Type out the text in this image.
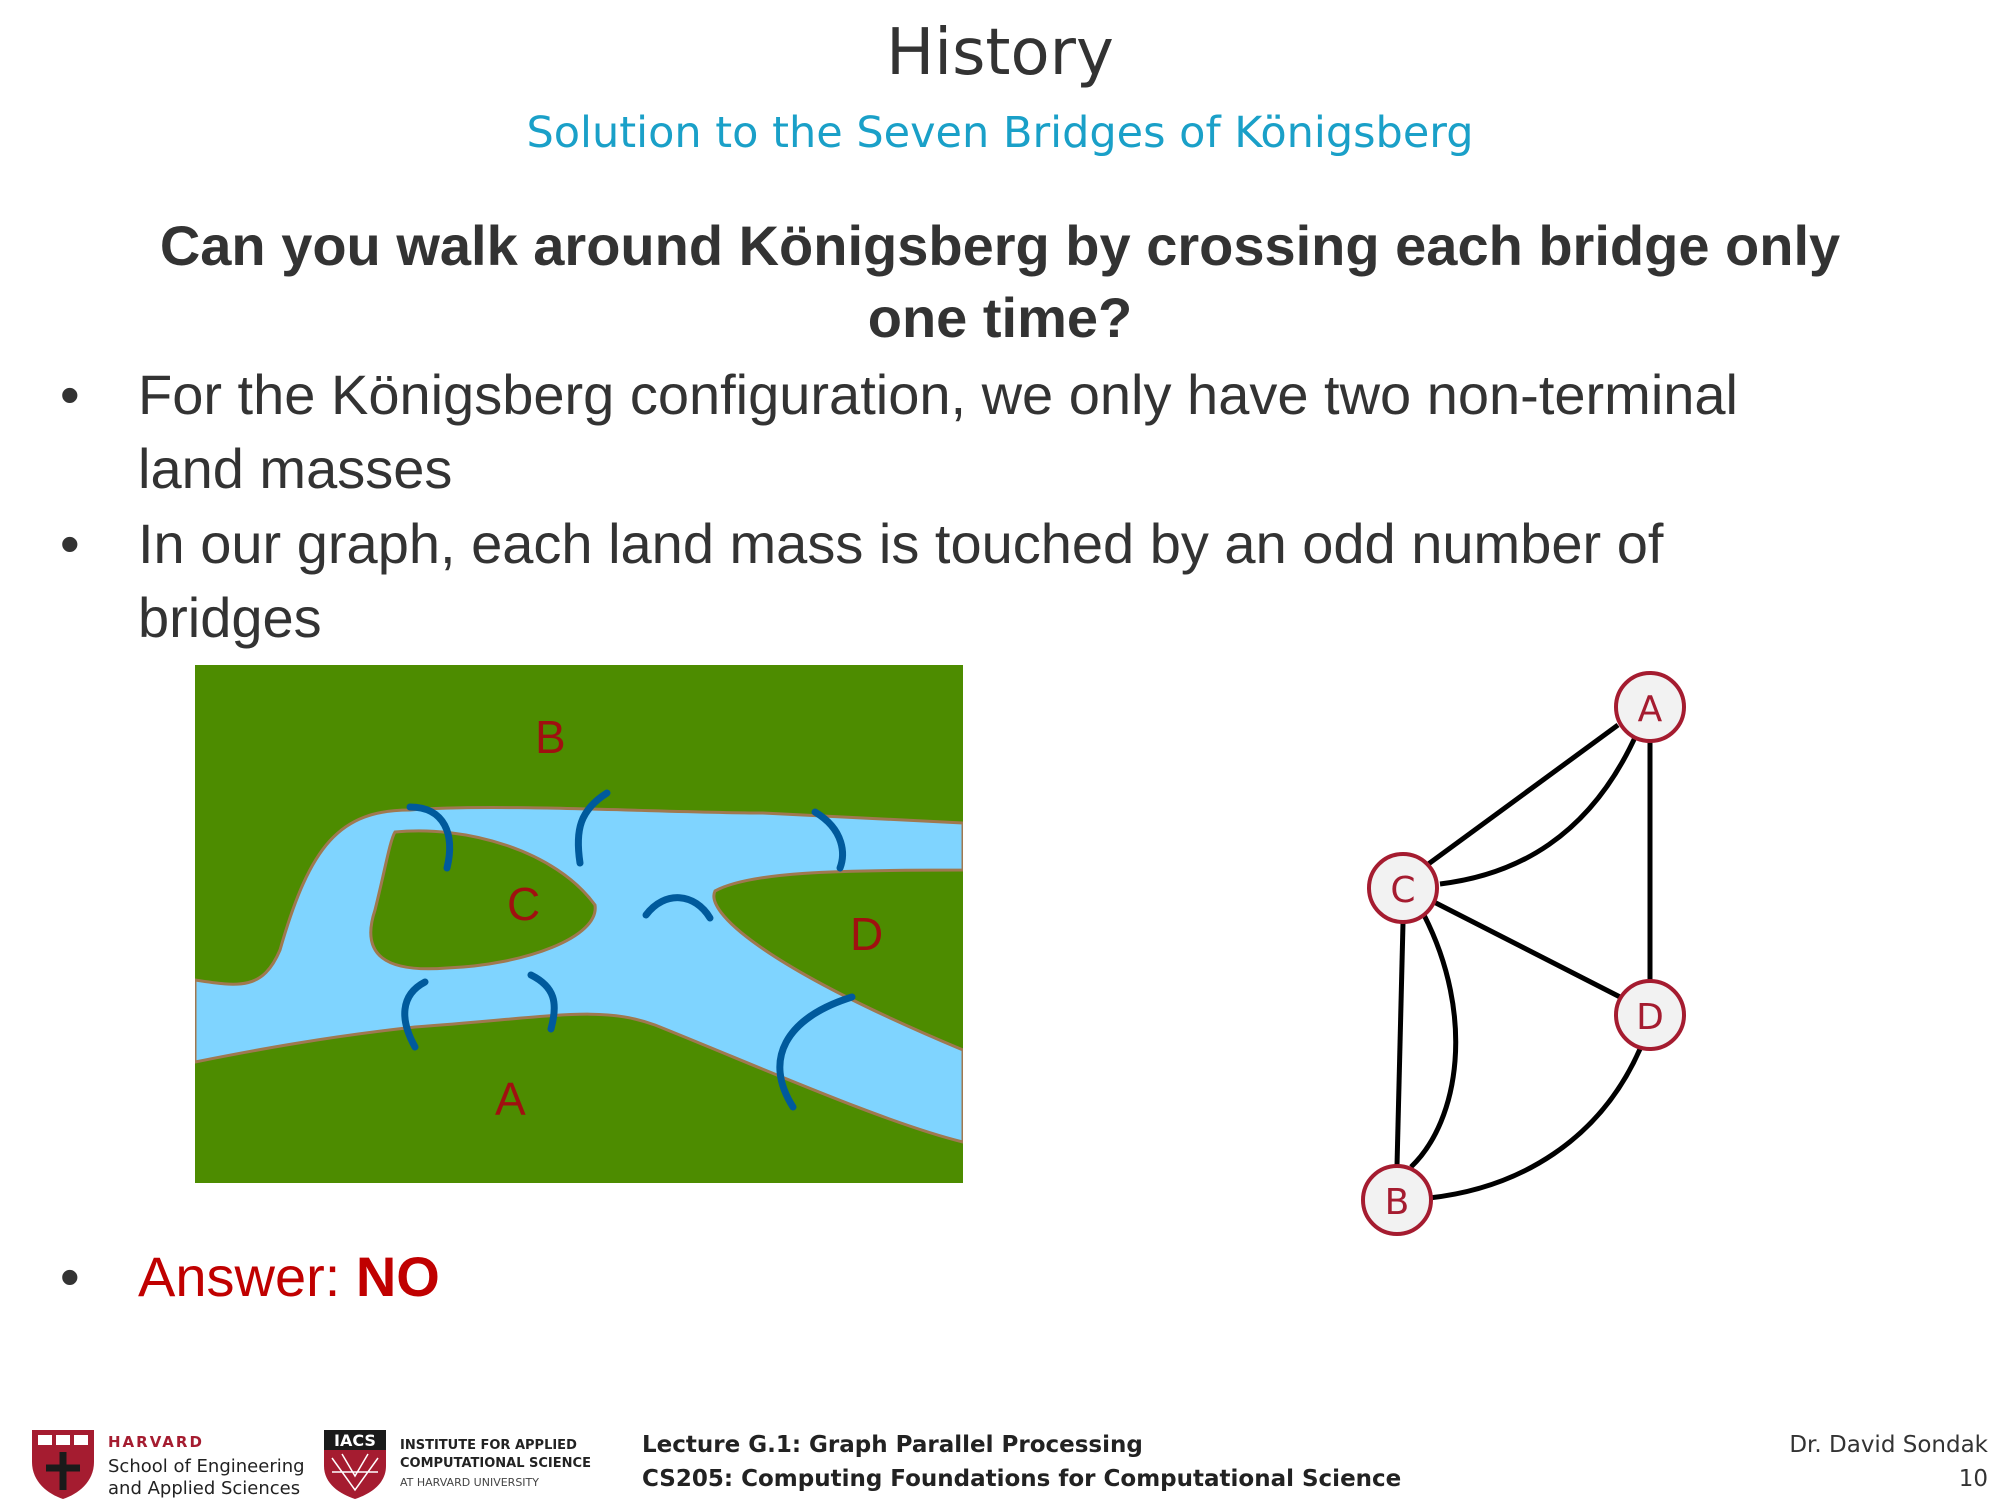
History
Solution to the Seven Bridges of Königsberg
Can you walk around Königsberg by crossing each bridge only
one time?
• For the Königsberg configuration, we only have two non-terminal
land masses
• In our graph, each land mass is touched by an odd number of
bridges
B
C
D
A
A
C
D
B
• Answer: NO
HARVARD
School of Engineering
and Applied Sciences
IACS INSTITUTE FOR APPLIED
COMPUTATIONAL SCIENCE
AT HARVARD UNIVERSITY
Lecture G.1: Graph Parallel Processing
CS205: Computing Foundations for Computational Science
Dr. David Sondak
10
